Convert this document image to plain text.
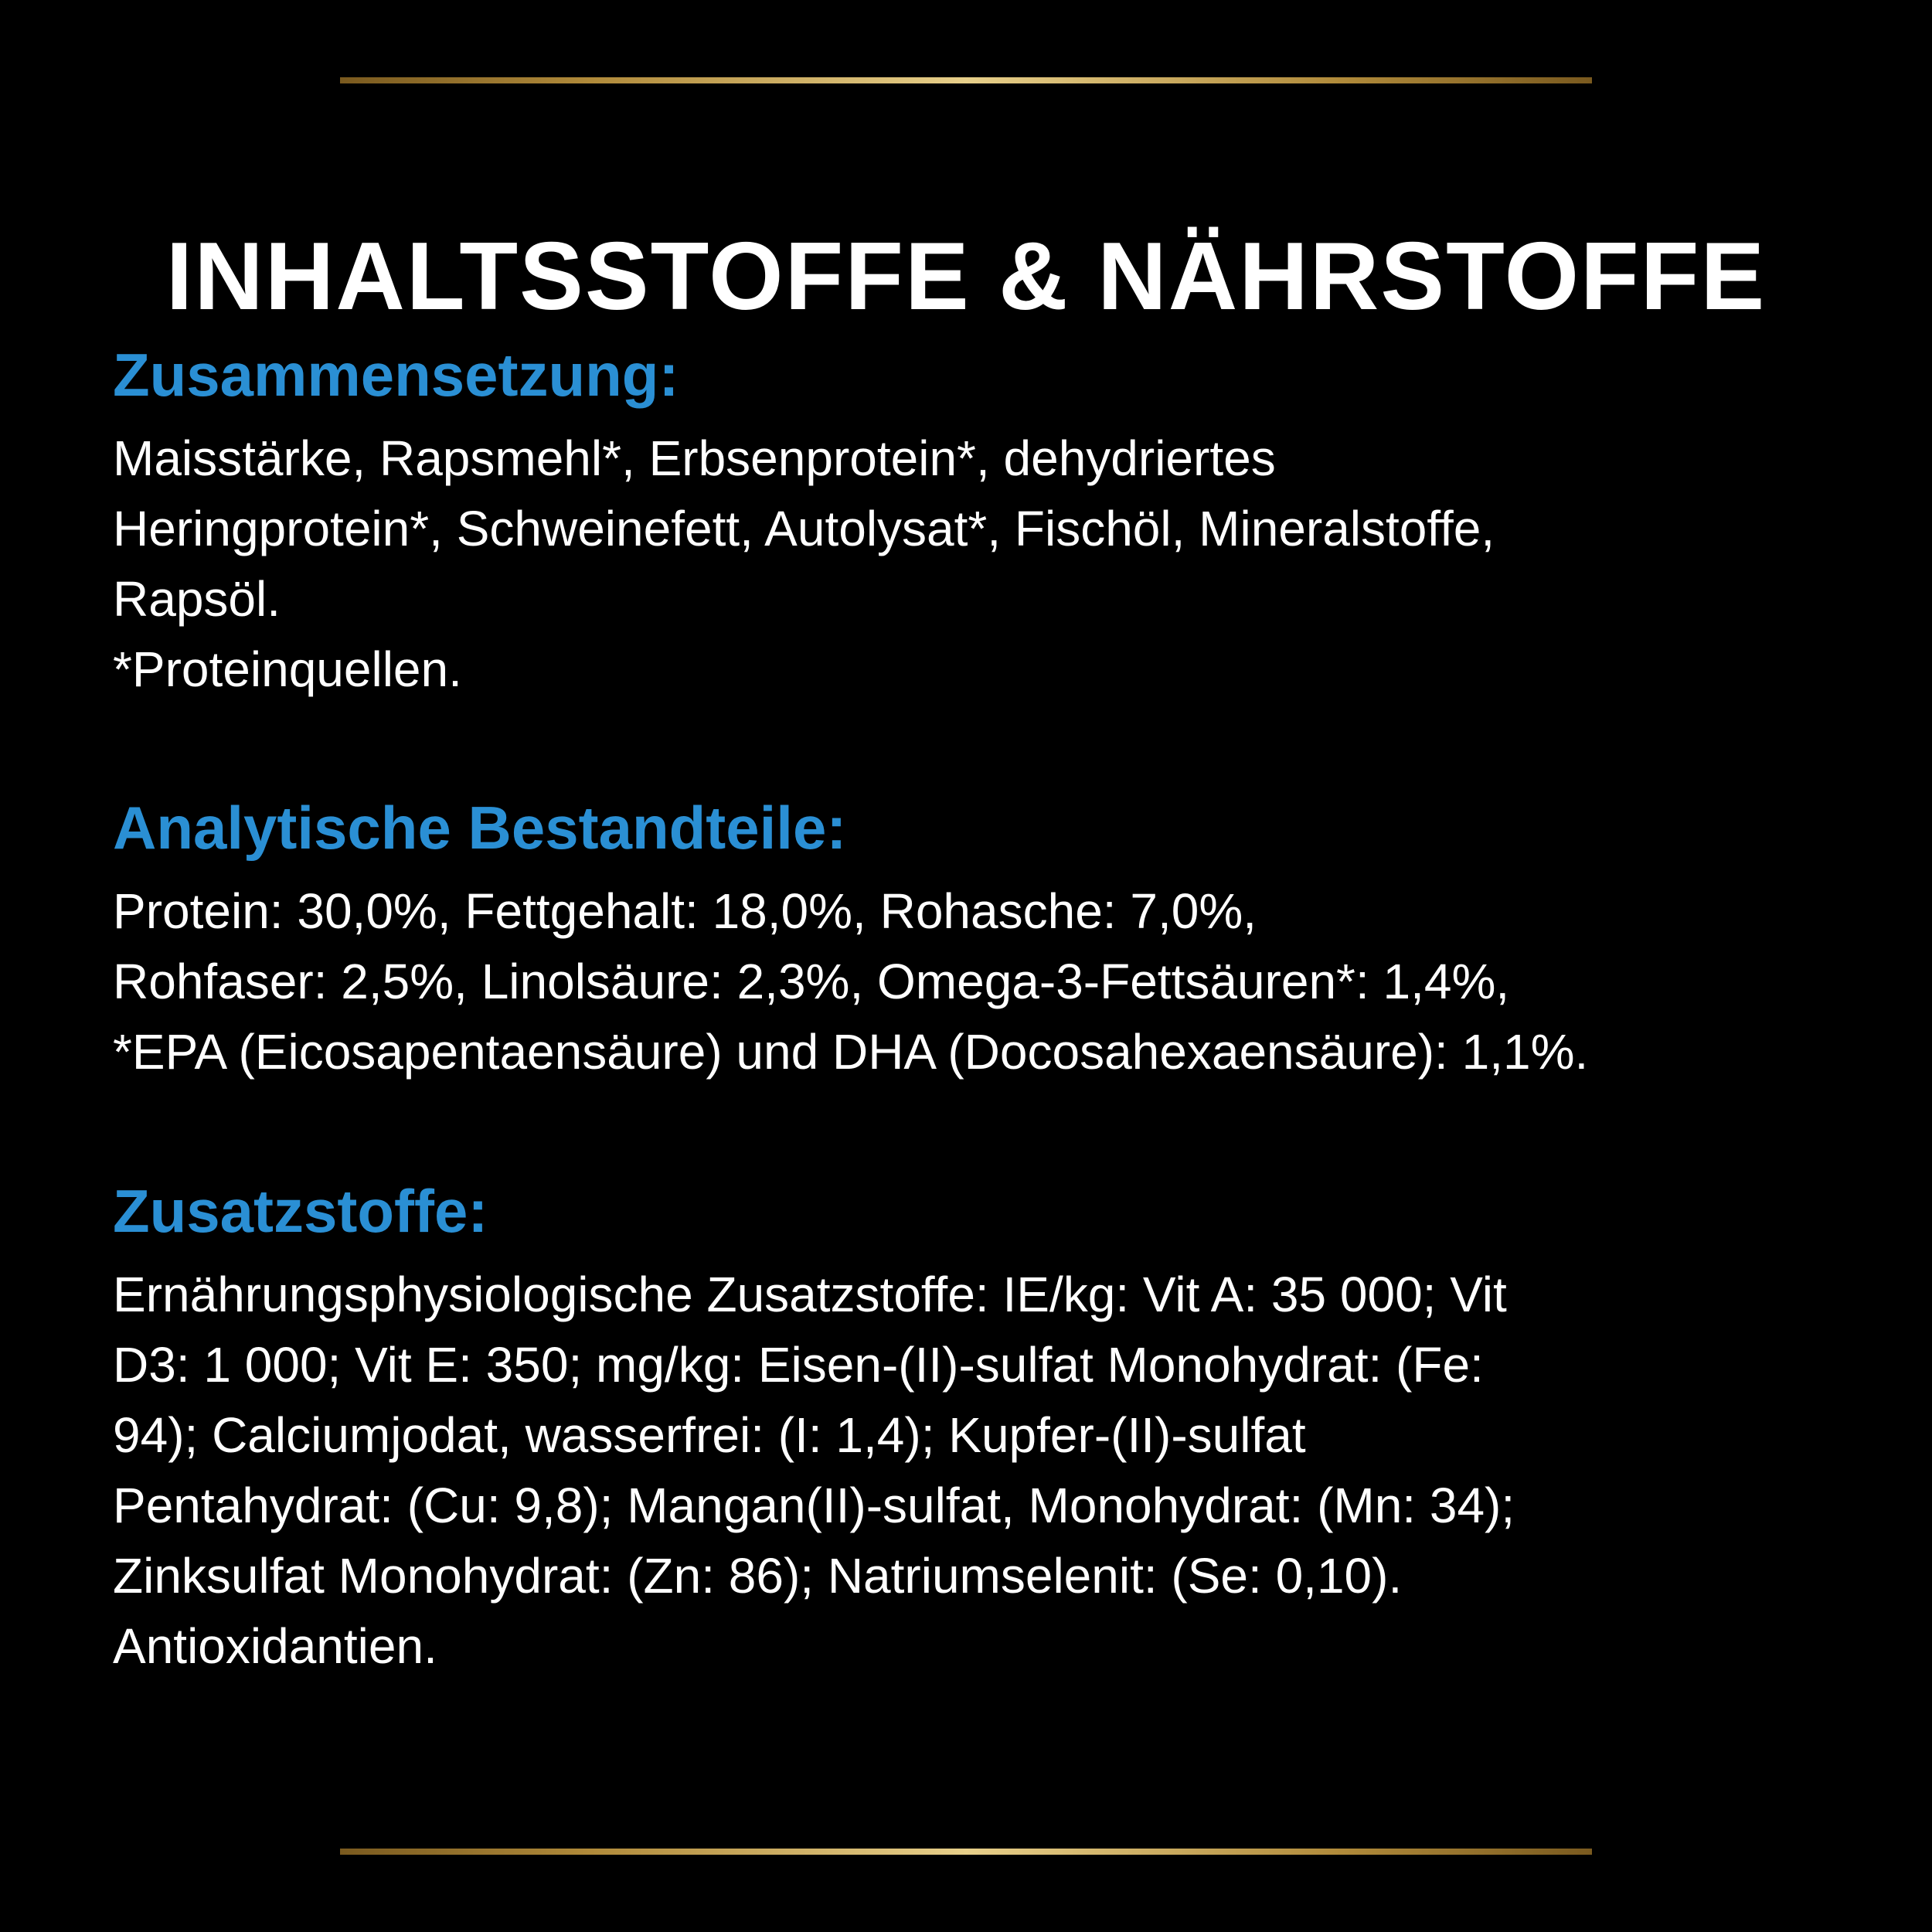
INHALTSSTOFFE & NÄHRSTOFFE
Zusammensetzung:

Maisstärke, Rapsmehl*, Erbsenprotein*, dehydriertes

Heringprotein*, Schweinefett, Autolysat*, Fischöl, Mineralstoffe,

Rapsöl.

*Proteinquellen.

Analytische Bestandteile:

Protein: 30,0%, Fettgehalt: 18,0%, Rohasche: 7,0%,

Rohfaser: 2,5%, Linolsäure: 2,3%, Omega-3-Fettsäuren*: 1,4%,

*EPA (Eicosapentaensäure) und DHA (Docosahexaensäure): 1,1%.

Zusatzstoffe:

Ernährungsphysiologische Zusatzstoffe: IE/kg: Vit A: 35 000; Vit

D3: 1 000; Vit E: 350; mg/kg: Eisen-(II)-sulfat Monohydrat: (Fe:

94); Calciumjodat, wasserfrei: (I: 1,4); Kupfer-(II)-sulfat

Pentahydrat: (Cu: 9,8); Mangan(II)-sulfat, Monohydrat: (Mn: 34);

Zinksulfat Monohydrat: (Zn: 86); Natriumselenit: (Se: 0,10).

Antioxidantien.
